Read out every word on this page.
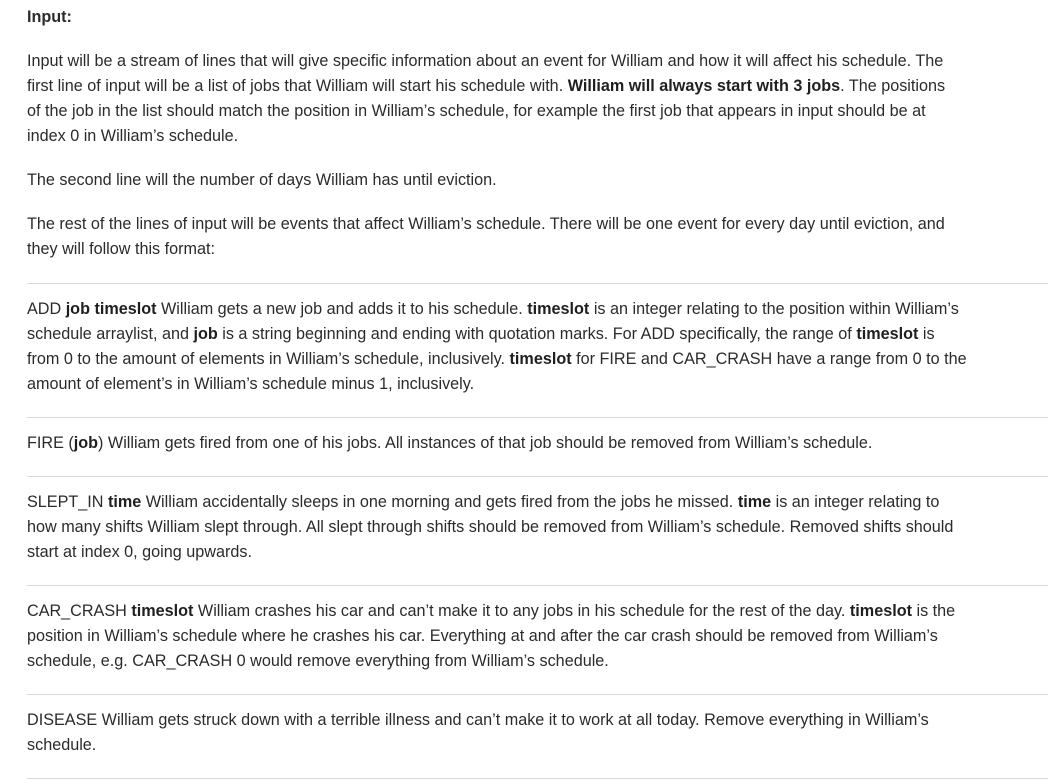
Input:

Input will be a stream of lines that will give specific information about an event for William and how it will affect his schedule. The
first line of input will be a list of jobs that William will start his schedule with. William will always start with 3 jobs. The positions
of the job in the list should match the position in William’s schedule, for example the first job that appears in input should be at
index 0 in William’s schedule.
The second line will the number of days William has until eviction.
The rest of the lines of input will be events that affect William’s schedule. There will be one event for every day until eviction, and
they will follow this format:
ADD job timeslot William gets a new job and adds it to his schedule. timeslot is an integer relating to the position within William’s
schedule arraylist, and job is a string beginning and ending with quotation marks. For ADD specifically, the range of timeslot is
from 0 to the amount of elements in William’s schedule, inclusively. timeslot for FIRE and CAR_CRASH have a range from 0 to the
amount of element’s in William’s schedule minus 1, inclusively.
FIRE (job) William gets fired from one of his jobs. All instances of that job should be removed from William’s schedule.
SLEPT_IN time William accidentally sleeps in one morning and gets fired from the jobs he missed. time is an integer relating to
how many shifts William slept through. All slept through shifts should be removed from William’s schedule. Removed shifts should
start at index 0, going upwards.
CAR_CRASH timeslot William crashes his car and can’t make it to any jobs in his schedule for the rest of the day. timeslot is the
position in William’s schedule where he crashes his car. Everything at and after the car crash should be removed from William’s
schedule, e.g. CAR_CRASH 0 would remove everything from William’s schedule.
DISEASE William gets struck down with a terrible illness and can’t make it to work at all today. Remove everything in William’s
schedule.
